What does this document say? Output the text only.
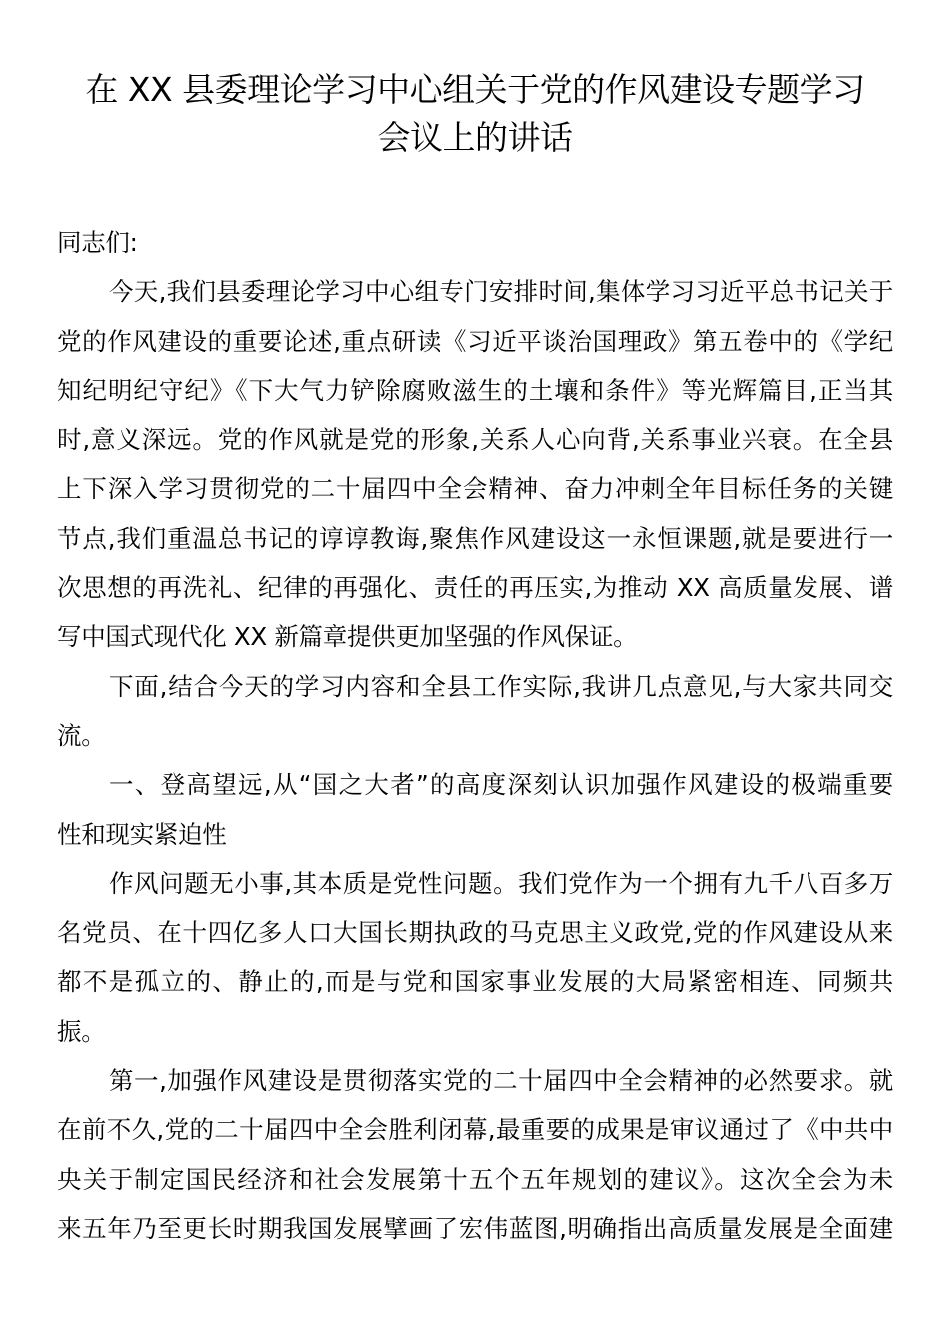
在 XX 县委理论学习中心组关于党的作风建设专题学习
会议上的讲话
同志们:
今天,我们县委理论学习中心组专门安排时间,集体学习习近平总书记关于
党的作风建设的重要论述,重点研读《习近平谈治国理政》第五卷中的《学纪
知纪明纪守纪》《下大气力铲除腐败滋生的土壤和条件》等光辉篇目,正当其
时,意义深远。党的作风就是党的形象,关系人心向背,关系事业兴衰。在全县
上下深入学习贯彻党的二十届四中全会精神、奋力冲刺全年目标任务的关键
节点,我们重温总书记的谆谆教诲,聚焦作风建设这一永恒课题,就是要进行一
次思想的再洗礼、纪律的再强化、责任的再压实,为推动 XX 高质量发展、谱
写中国式现代化 XX 新篇章提供更加坚强的作风保证。
下面,结合今天的学习内容和全县工作实际,我讲几点意见,与大家共同交
流。
一、登高望远,从“国之大者”的高度深刻认识加强作风建设的极端重要
性和现实紧迫性
作风问题无小事,其本质是党性问题。我们党作为一个拥有九千八百多万
名党员、在十四亿多人口大国长期执政的马克思主义政党,党的作风建设从来
都不是孤立的、静止的,而是与党和国家事业发展的大局紧密相连、同频共
振。
第一,加强作风建设是贯彻落实党的二十届四中全会精神的必然要求。就
在前不久,党的二十届四中全会胜利闭幕,最重要的成果是审议通过了《中共中
央关于制定国民经济和社会发展第十五个五年规划的建议》。这次全会为未
来五年乃至更长时期我国发展擘画了宏伟蓝图,明确指出高质量发展是全面建
